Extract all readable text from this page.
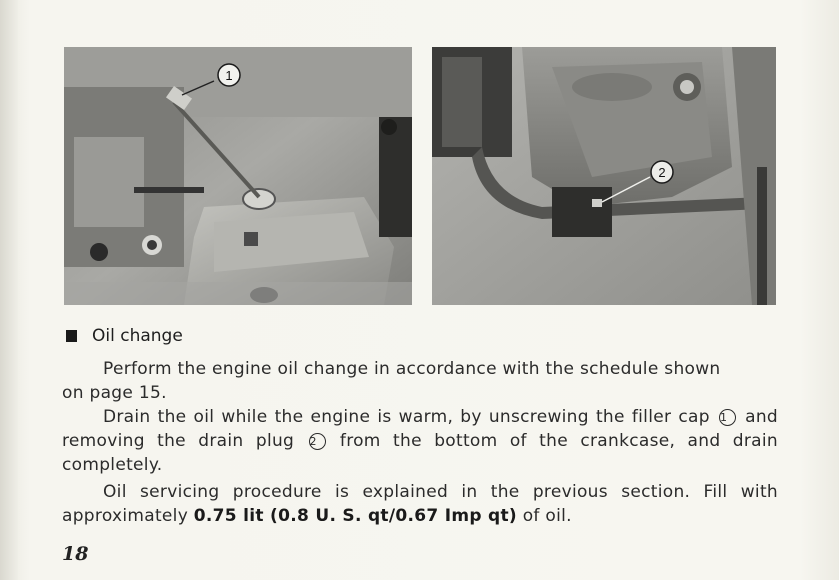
1
2
Oil change
Perform the engine oil change in accordance with the schedule shown
on page 15.
Drain the oil while the engine is warm, by unscrewing the filler cap 1 and removing the drain plug 2 from the bottom of the crankcase, and drain completely.
Oil servicing procedure is explained in the previous section. Fill with approximately 0.75 lit (0.8 U. S. qt/0.67 Imp qt) of oil.
18
